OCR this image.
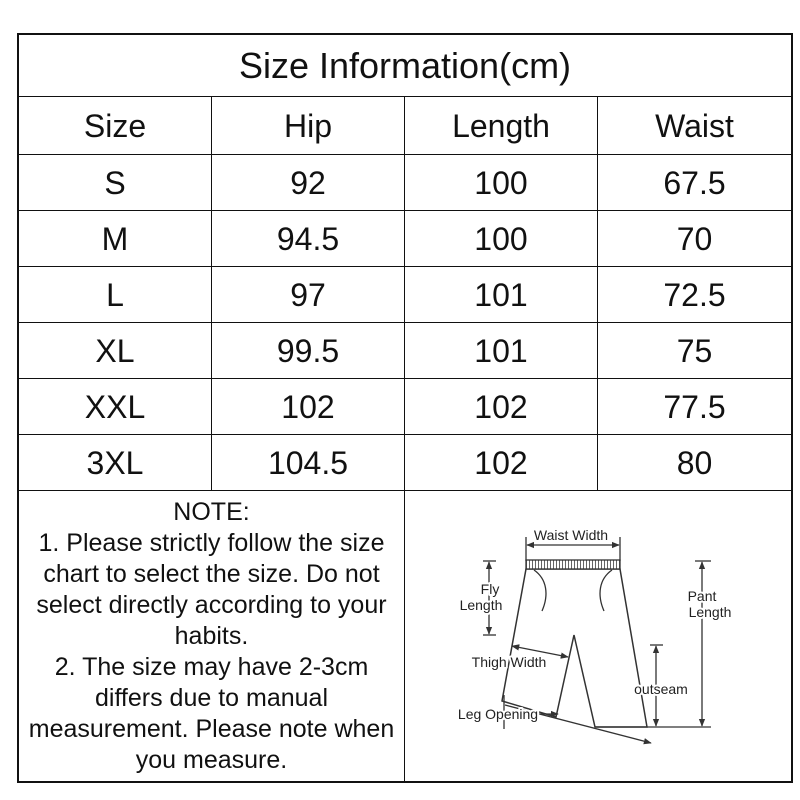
Size Information(cm)
Size	Hip	Length	Waist
S	92	100	67.5
M	94.5	100	70
L	97	101	72.5
XL	99.5	101	75
XXL	102	102	77.5
3XL	104.5	102	80
NOTE:
1. Please strictly follow the size
chart to select the size. Do not
select directly according to your
habits.
2. The size may have 2-3cm
differs due to manual
measurement. Please note when
you measure.
Waist Width
Fly
Length
Pant
Length
Thigh Width
outseam
Leg Opening
